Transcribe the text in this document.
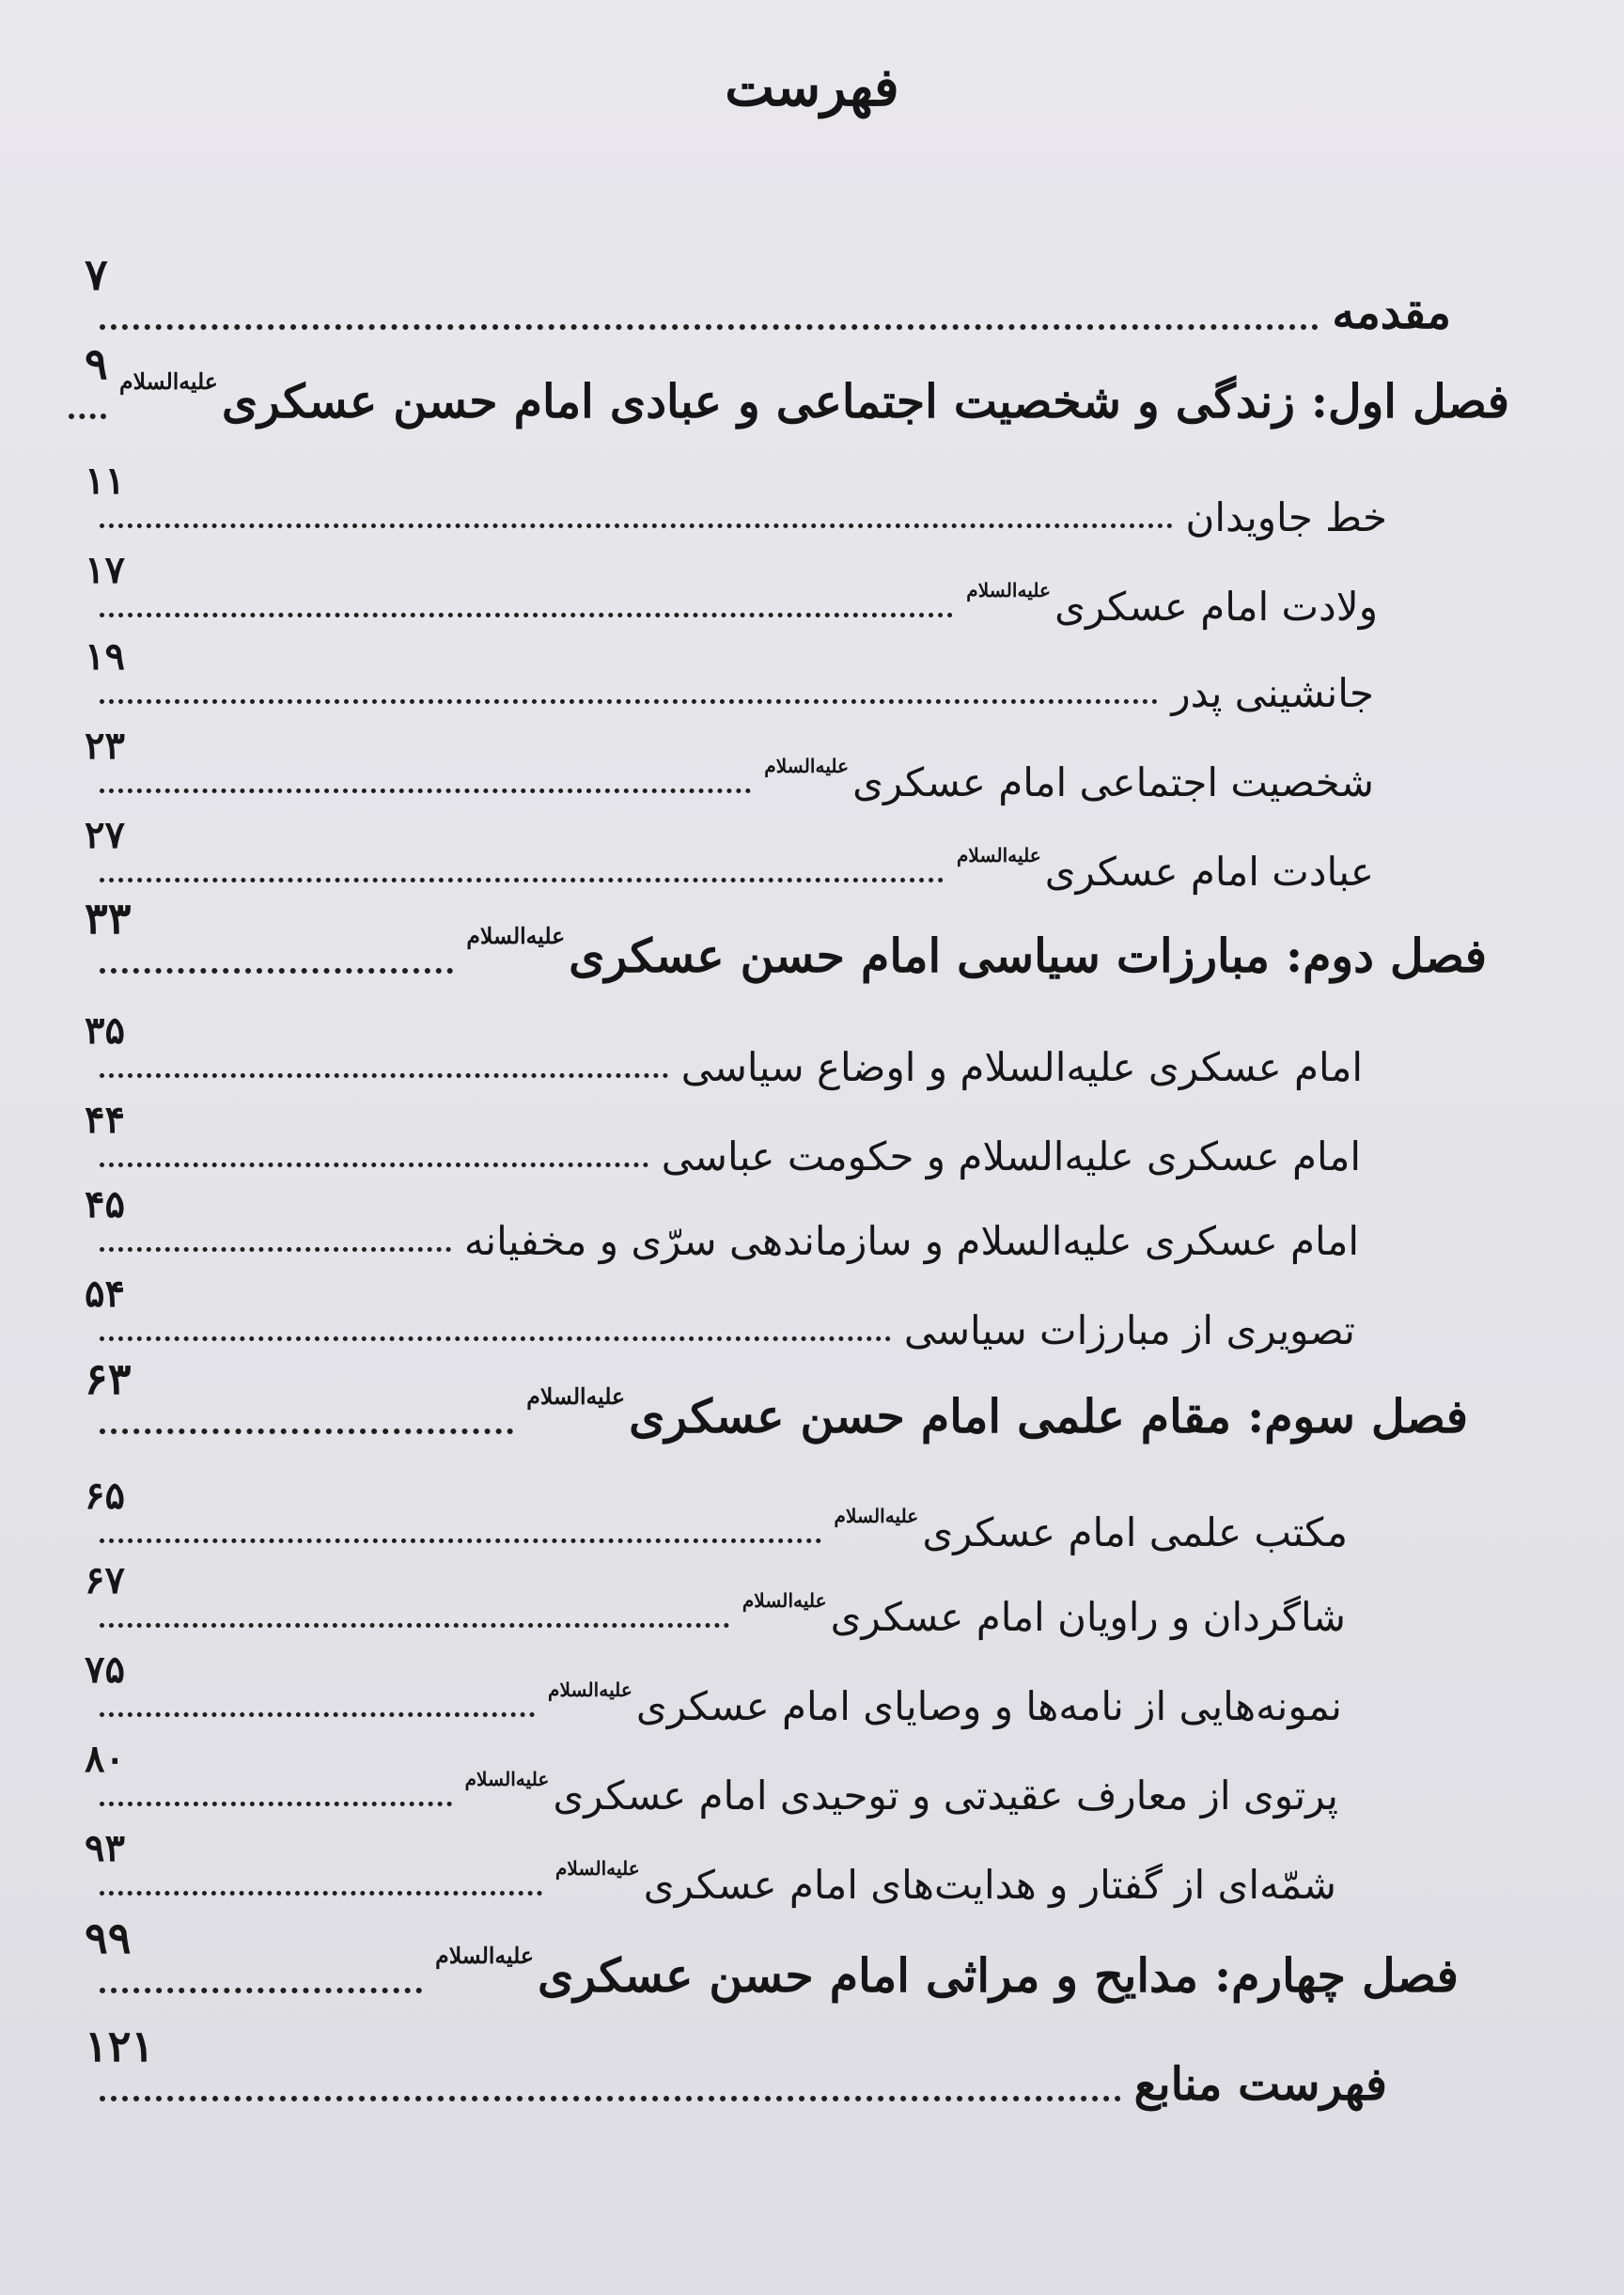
فهرست
مقدمه
۷
فصل اول: زندگی و شخصیت اجتماعی و عبادی امام حسن عسکریعلیه‌السلام
۹
خط جاویدان
۱۱
ولادت امام عسکریعلیه‌السلام
۱۷
جانشینی پدر
۱۹
شخصیت اجتماعی امام عسکریعلیه‌السلام
۲۳
عبادت امام عسکریعلیه‌السلام
۲۷
فصل دوم: مبارزات سیاسی امام حسن عسکریعلیه‌السلام
۳۳
امام عسکری علیه‌السلام و اوضاع سیاسی
۳۵
امام عسکری علیه‌السلام و حکومت عباسی
۴۴
امام عسکری علیه‌السلام و سازماندهی سرّی و مخفیانه
۴۵
تصویری از مبارزات سیاسی
۵۴
فصل سوم: مقام علمی امام حسن عسکریعلیه‌السلام
۶۳
مکتب علمی امام عسکریعلیه‌السلام
۶۵
شاگردان و راویان امام عسکریعلیه‌السلام
۶۷
نمونه‌هایی از نامه‌ها و وصایای امام عسکریعلیه‌السلام
۷۵
پرتوی از معارف عقیدتی و توحیدی امام عسکریعلیه‌السلام
۸۰
شمّه‌ای از گفتار و هدایت‌های امام عسکریعلیه‌السلام
۹۳
فصل چهارم: مدایح و مراثی امام حسن عسکریعلیه‌السلام
۹۹
فهرست منابع
۱۲۱
